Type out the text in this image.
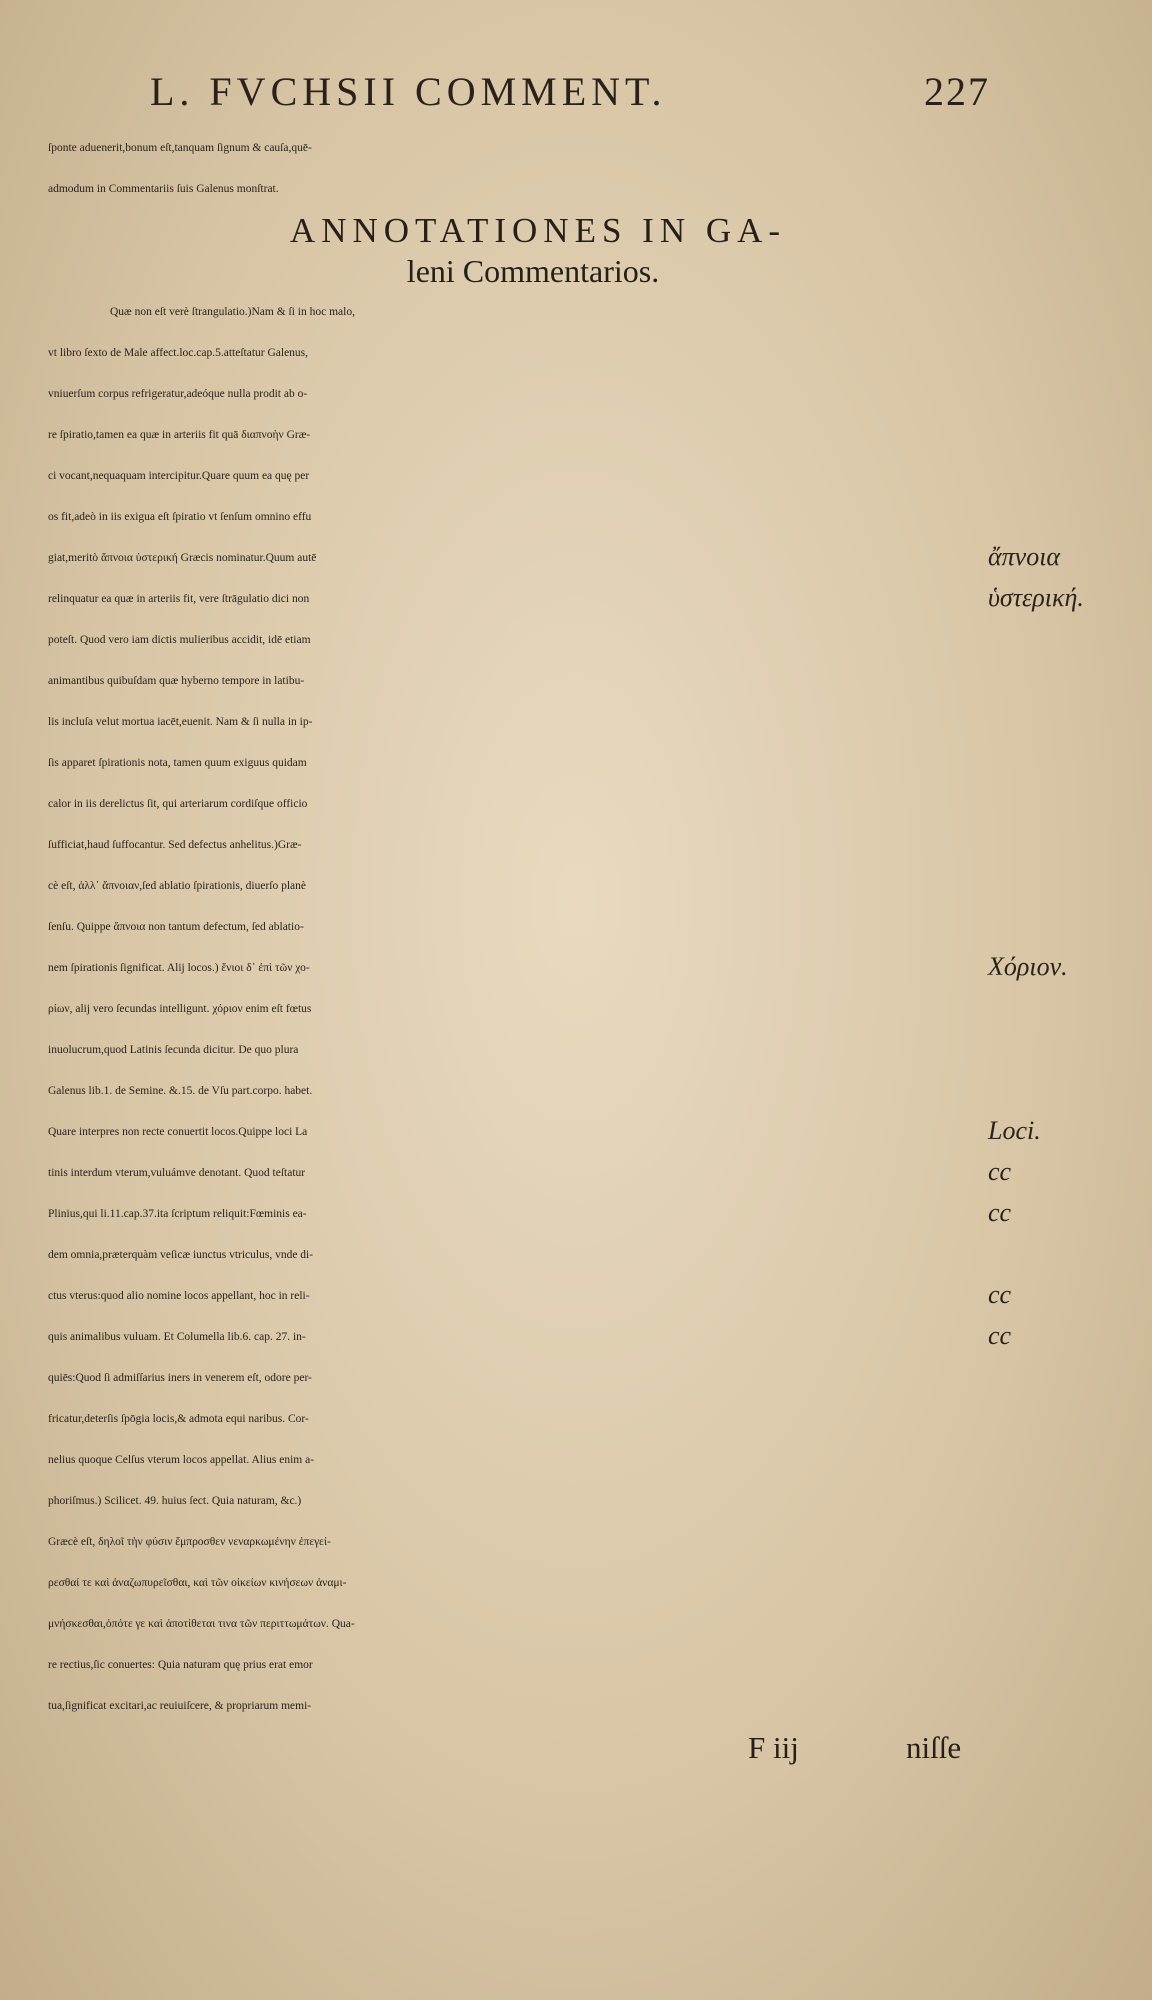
L. FVCHSII COMMENT.	227
ſponte aduenerit,bonum eſt,tanquam ſignum & cauſa,quē-
admodum in Commentariis ſuis Galenus monſtrat.
ANNOTATIONES IN GA-
leni Commentarios.
Quæ non eſt verè ſtrangulatio.)Nam & ſi in hoc malo,
vt libro ſexto de Male affect.loc.cap.5.atteſtatur Galenus,
vniuerſum corpus refrigeratur,adeóque nulla prodit ab o-
re ſpiratio,tamen ea quæ in arteriis fit quā διαπνοὴν Græ-
ci vocant,nequaquam intercipitur.Quare quum ea quę per
os fit,adeò in iis exigua eſt ſpiratio vt ſenſum omnino effu
giat,meritò ἄπνοια ὑστερική Græcis nominatur.Quum autē
relinquatur ea quæ in arteriis fit, vere ſtrāgulatio dici non
poteſt. Quod vero iam dictis mulieribus accidit, idē etiam
animantibus quibuſdam quæ hyberno tempore in latibu-
lis incluſa velut mortua iacēt,euenit. Nam & ſi nulla in ip-
ſis apparet ſpirationis nota, tamen quum exiguus quidam
calor in iis derelictus ſit, qui arteriarum cordiſque officio
ſufficiat,haud ſuffocantur. Sed defectus anhelitus.)Græ-
cè eſt, ἀλλ᾽ ἄπνοιαν,ſed ablatio ſpirationis, diuerſo planè
ſenſu. Quippe ἄπνοια non tantum defectum, ſed ablatio-
nem ſpirationis ſignificat. Alij locos.) ἔνιοι δ᾽ ἐπὶ τῶν χο-
ρίων, alij vero ſecundas intelligunt. χόριον enim eſt fœtus
inuolucrum,quod Latinis ſecunda dicitur. De quo plura
Galenus lib.1. de Semine. &.15. de Vſu part.corpo. habet.
Quare interpres non recte conuertit locos.Quippe loci La
tinis interdum vterum,vuluámve denotant. Quod teſtatur
Plinius,qui li.11.cap.37.ita ſcriptum reliquit:Fœminis ea-
dem omnia,præterquàm veſicæ iunctus vtriculus, vnde di-
ctus vterus:quod alio nomine locos appellant, hoc in reli-
quis animalibus vuluam. Et Columella lib.6. cap. 27. in-
quiēs:Quod ſi admiſſarius iners in venerem eſt, odore per-
fricatur,deterſis ſpōgia locis,& admota equi naribus. Cor-
nelius quoque Celſus vterum locos appellat. Alius enim a-
phoriſmus.) Scilicet. 49. huius ſect. Quia naturam, &c.)
Græcè eſt, δηλοῖ τὴν φύσιν ἔμπροσθεν νεναρκωμένην ἐπεγεί-
ρεσθαί τε καὶ ἀναζωπυρεῖσθαι, καὶ τῶν οἰκείων κινήσεων ἀναμι-
μνήσκεσθαι,ὁπότε γε καὶ ἀποτίθεται τινα τῶν περιττωμάτων. Qua-
re rectius,ſic conuertes: Quia naturam quę prius erat emor
tua,ſignificat excitari,ac reuiuiſcere, & propriarum memi-
F iij	niſſe
ἄπνοια
ὑστερική.
Χόριον.
Loci.
cc
cc
cc
cc
